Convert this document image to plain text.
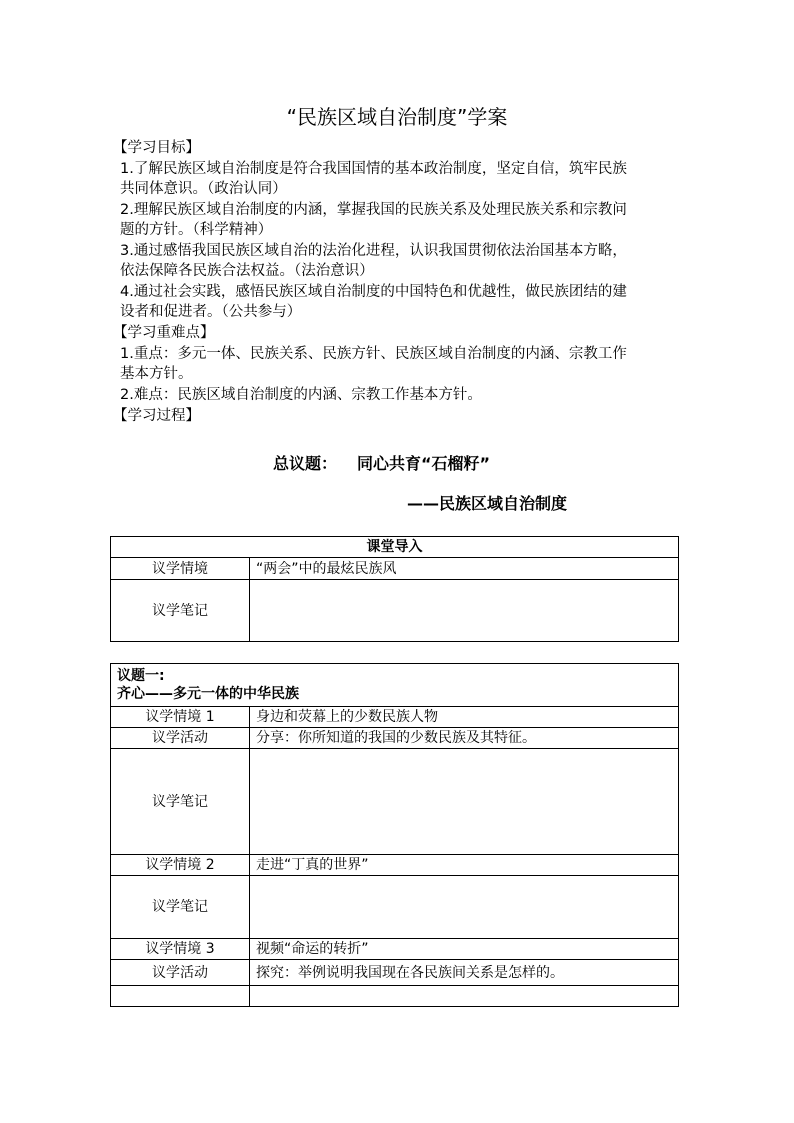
“民族区域自治制度”学案
【学习目标】
1.了解民族区域自治制度是符合我国国情的基本政治制度，坚定自信，筑牢民族
共同体意识。（政治认同）
2.理解民族区域自治制度的内涵，掌握我国的民族关系及处理民族关系和宗教问
题的方针。（科学精神）
3.通过感悟我国民族区域自治的法治化进程，认识我国贯彻依法治国基本方略，
依法保障各民族合法权益。（法治意识）
4.通过社会实践，感悟民族区域自治制度的中国特色和优越性，做民族团结的建
设者和促进者。（公共参与）
【学习重难点】
1.重点：多元一体、民族关系、民族方针、民族区域自治制度的内涵、宗教工作
基本方针。
2.难点：民族区域自治制度的内涵、宗教工作基本方针。
【学习过程】
总议题： 同心共育“石榴籽”
——民族区域自治制度
课堂导入	
议学情境	“两会”中的最炫民族风
议学笔记	
议题一:
齐心——多元一体的中华民族	

议学情境 1	身边和荧幕上的少数民族人物
议学活动	分享：你所知道的我国的少数民族及其特征。
议学笔记	
议学情境 2	走进“丁真的世界”
议学笔记	
议学情境 3	视频“命运的转折”
议学活动	探究：举例说明我国现在各民族间关系是怎样的。
